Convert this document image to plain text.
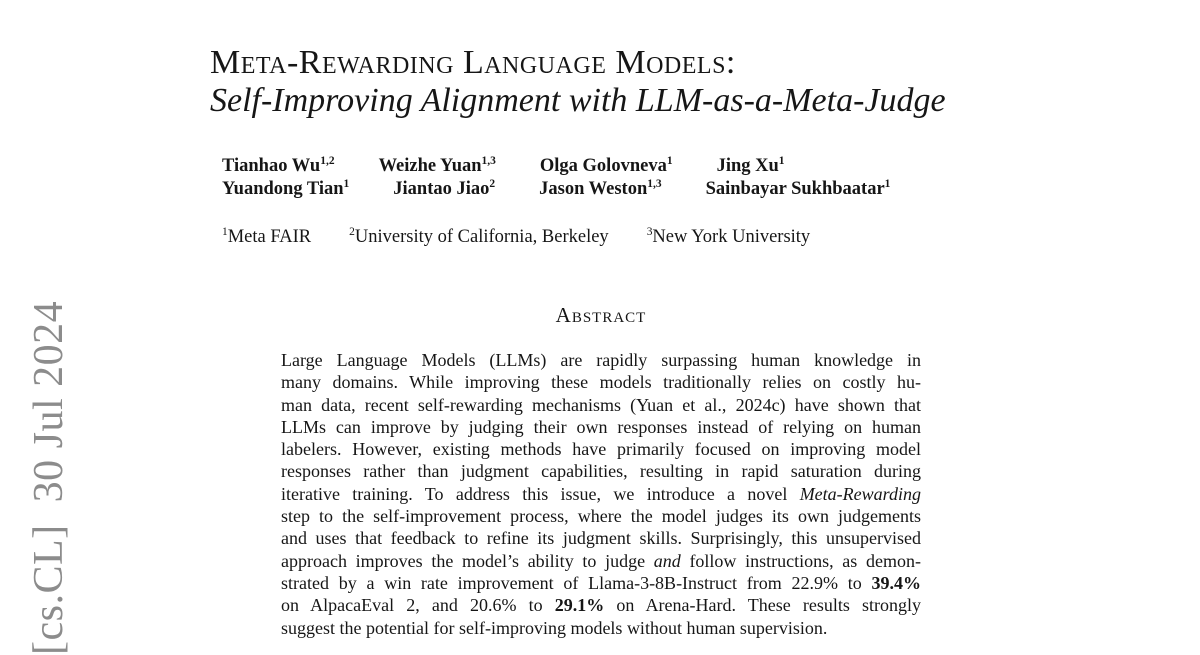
[cs.CL]  30 Jul 2024
Meta-Rewarding Language Models:
Self-Improving Alignment with LLM-as-a-Meta-Judge
Tianhao Wu$^{1,2}$ Weizhe Yuan$^{1,3}$ Olga Golovneva$^1$ Jing Xu$^1$
Yuandong Tian$^1$ Jiantao Jiao$^2$ Jason Weston$^{1,3}$ Sainbayar Sukhbaatar$^1$
$^1$Meta FAIR	$^2$University of California, Berkeley	$^3$New York University
Abstract
Large Language Models (LLMs) are rapidly surpassing human knowledge in
many domains. While improving these models traditionally relies on costly hu-
man data, recent self-rewarding mechanisms (Yuan et al., 2024c) have shown that
LLMs can improve by judging their own responses instead of relying on human
labelers. However, existing methods have primarily focused on improving model
responses rather than judgment capabilities, resulting in rapid saturation during
iterative training. To address this issue, we introduce a novel Meta-Rewarding
step to the self-improvement process, where the model judges its own judgements
and uses that feedback to refine its judgment skills. Surprisingly, this unsupervised
approach improves the model’s ability to judge and follow instructions, as demon-
strated by a win rate improvement of Llama-3-8B-Instruct from 22.9% to 39.4%
on AlpacaEval 2, and 20.6% to 29.1% on Arena-Hard. These results strongly
suggest the potential for self-improving models without human supervision.
